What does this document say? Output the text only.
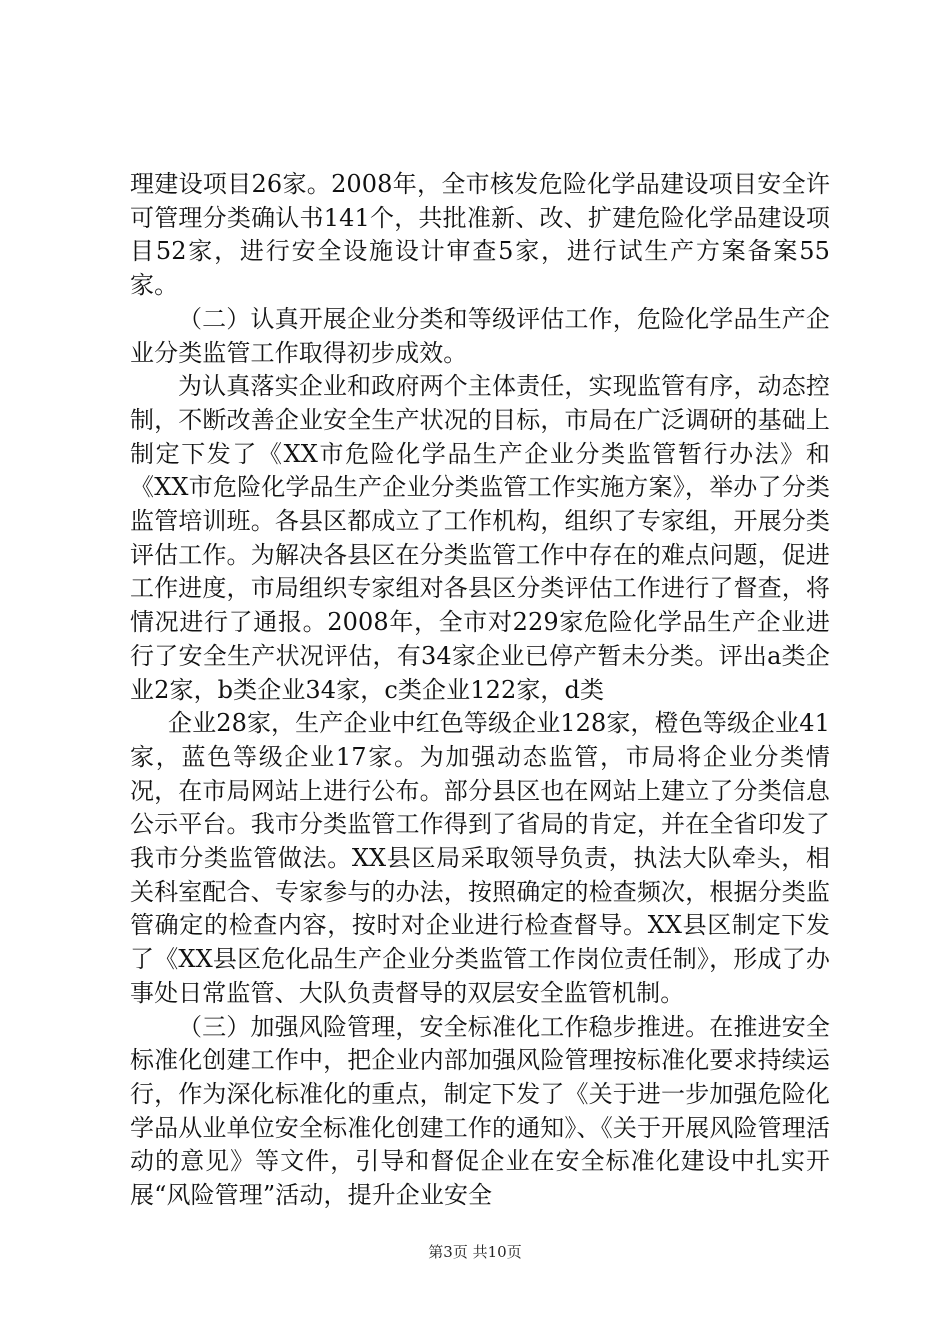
理建设项目26家。2008年，全市核发危险化学品建设项目安全许可管理分类确认书141个，共批准新、改、扩建危险化学品建设项目52家，进行安全设施设计审查5家，进行试生产方案备案55家。

（二）认真开展企业分类和等级评估工作，危险化学品生产企业分类监管工作取得初步成效。

为认真落实企业和政府两个主体责任，实现监管有序，动态控制，不断改善企业安全生产状况的目标，市局在广泛调研的基础上制定下发了《XX市危险化学品生产企业分类监管暂行办法》和《XX市危险化学品生产企业分类监管工作实施方案》，举办了分类监管培训班。各县区都成立了工作机构，组织了专家组，开展分类评估工作。为解决各县区在分类监管工作中存在的难点问题，促进工作进度，市局组织专家组对各县区分类评估工作进行了督查，将情况进行了通报。2008年，全市对229家危险化学品生产企业进行了安全生产状况评估，有34家企业已停产暂未分类。评出a类企业2家，b类企业34家，c类企业122家，d类

企业28家，生产企业中红色等级企业128家，橙色等级企业41家，蓝色等级企业17家。为加强动态监管，市局将企业分类情况，在市局网站上进行公布。部分县区也在网站上建立了分类信息公示平台。我市分类监管工作得到了省局的肯定，并在全省印发了我市分类监管做法。XX县区局采取领导负责，执法大队牵头，相关科室配合、专家参与的办法，按照确定的检查频次，根据分类监管确定的检查内容，按时对企业进行检查督导。XX县区制定下发了《XX县区危化品生产企业分类监管工作岗位责任制》，形成了办事处日常监管、大队负责督导的双层安全监管机制。

（三）加强风险管理，安全标准化工作稳步推进。在推进安全标准化创建工作中，把企业内部加强风险管理按标准化要求持续运行，作为深化标准化的重点，制定下发了《关于进一步加强危险化学品从业单位安全标准化创建工作的通知》、《关于开展风险管理活动的意见》等文件，引导和督促企业在安全标准化建设中扎实开展“风险管理”活动，提升企业安全

第3页 共10页
